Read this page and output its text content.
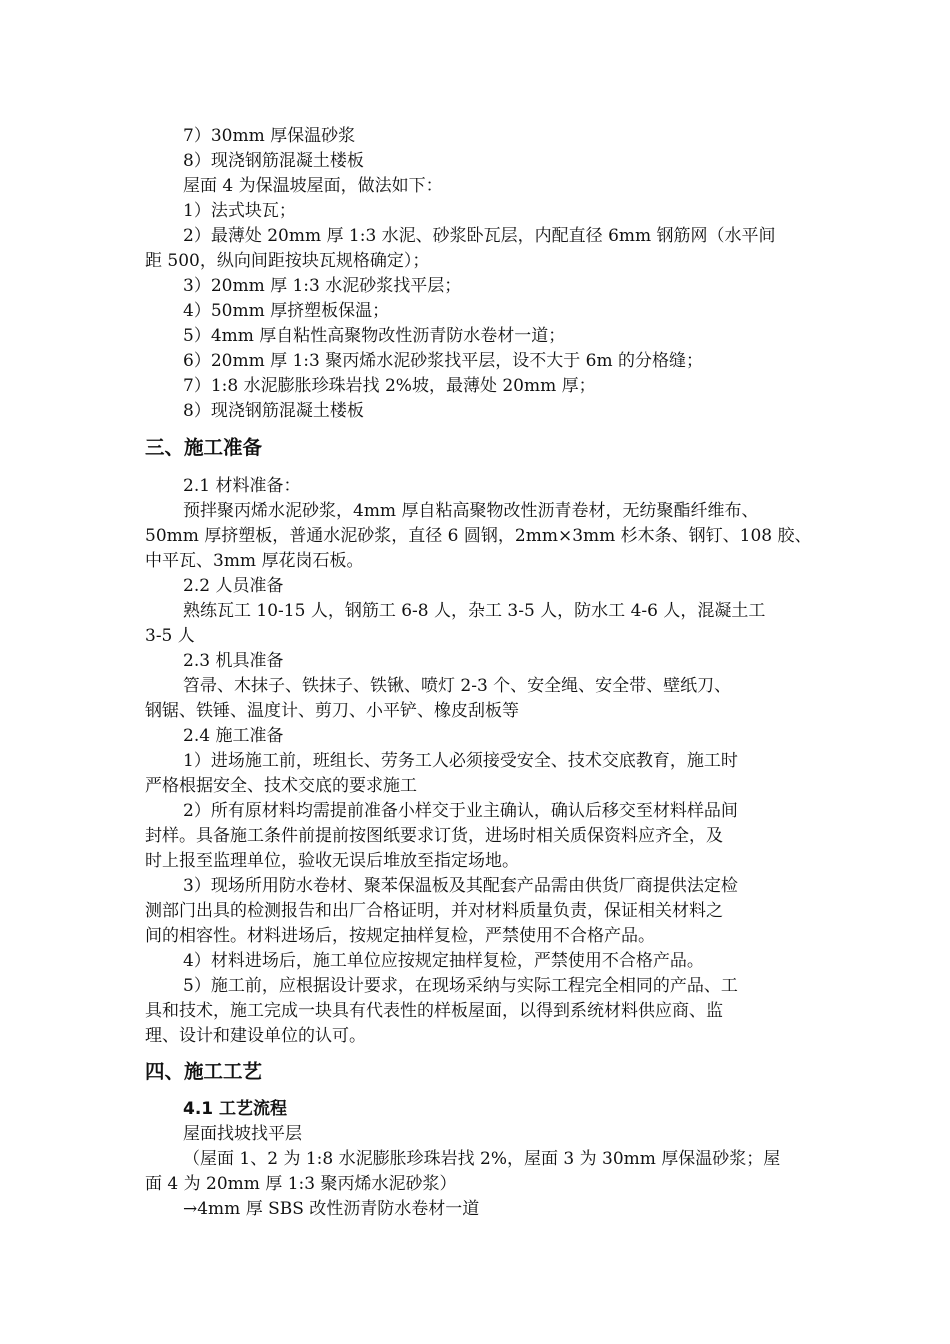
7）30mm 厚保温砂浆
8）现浇钢筋混凝土楼板
屋面 4 为保温坡屋面，做法如下：
1）法式块瓦；
2）最薄处 20mm 厚 1:3 水泥、砂浆卧瓦层，内配直径 6mm 钢筋网（水平间
距 500，纵向间距按块瓦规格确定）；
3）20mm 厚 1:3 水泥砂浆找平层；
4）50mm 厚挤塑板保温；
5）4mm 厚自粘性高聚物改性沥青防水卷材一道；
6）20mm 厚 1:3 聚丙烯水泥砂浆找平层，设不大于 6m 的分格缝；
7）1:8 水泥膨胀珍珠岩找 2%坡，最薄处 20mm 厚；
8）现浇钢筋混凝土楼板
三、施工准备
2.1 材料准备：
预拌聚丙烯水泥砂浆，4mm 厚自粘高聚物改性沥青卷材，无纺聚酯纤维布、
50mm 厚挤塑板，普通水泥砂浆，直径 6 圆钢，2mm×3mm 杉木条、钢钉、108 胶、
中平瓦、3mm 厚花岗石板。
2.2 人员准备
熟练瓦工 10-15 人，钢筋工 6-8 人，杂工 3-5 人，防水工 4-6 人，混凝土工
3-5 人
2.3 机具准备
笤帚、木抹子、铁抹子、铁锹、喷灯 2-3 个、安全绳、安全带、壁纸刀、
钢锯、铁锤、温度计、剪刀、小平铲、橡皮刮板等
2.4 施工准备
1）进场施工前，班组长、劳务工人必须接受安全、技术交底教育，施工时
严格根据安全、技术交底的要求施工
2）所有原材料均需提前准备小样交于业主确认，确认后移交至材料样品间
封样。具备施工条件前提前按图纸要求订货，进场时相关质保资料应齐全，及
时上报至监理单位，验收无误后堆放至指定场地。
3）现场所用防水卷材、聚苯保温板及其配套产品需由供货厂商提供法定检
测部门出具的检测报告和出厂合格证明，并对材料质量负责，保证相关材料之
间的相容性。材料进场后，按规定抽样复检，严禁使用不合格产品。
4）材料进场后，施工单位应按规定抽样复检，严禁使用不合格产品。
5）施工前，应根据设计要求，在现场采纳与实际工程完全相同的产品、工
具和技术，施工完成一块具有代表性的样板屋面，以得到系统材料供应商、监
理、设计和建设单位的认可。
四、施工工艺
4.1 工艺流程
屋面找坡找平层
（屋面 1、2 为 1:8 水泥膨胀珍珠岩找 2%，屋面 3 为 30mm 厚保温砂浆；屋
面 4 为 20mm 厚 1:3 聚丙烯水泥砂浆）
→4mm 厚 SBS 改性沥青防水卷材一道
